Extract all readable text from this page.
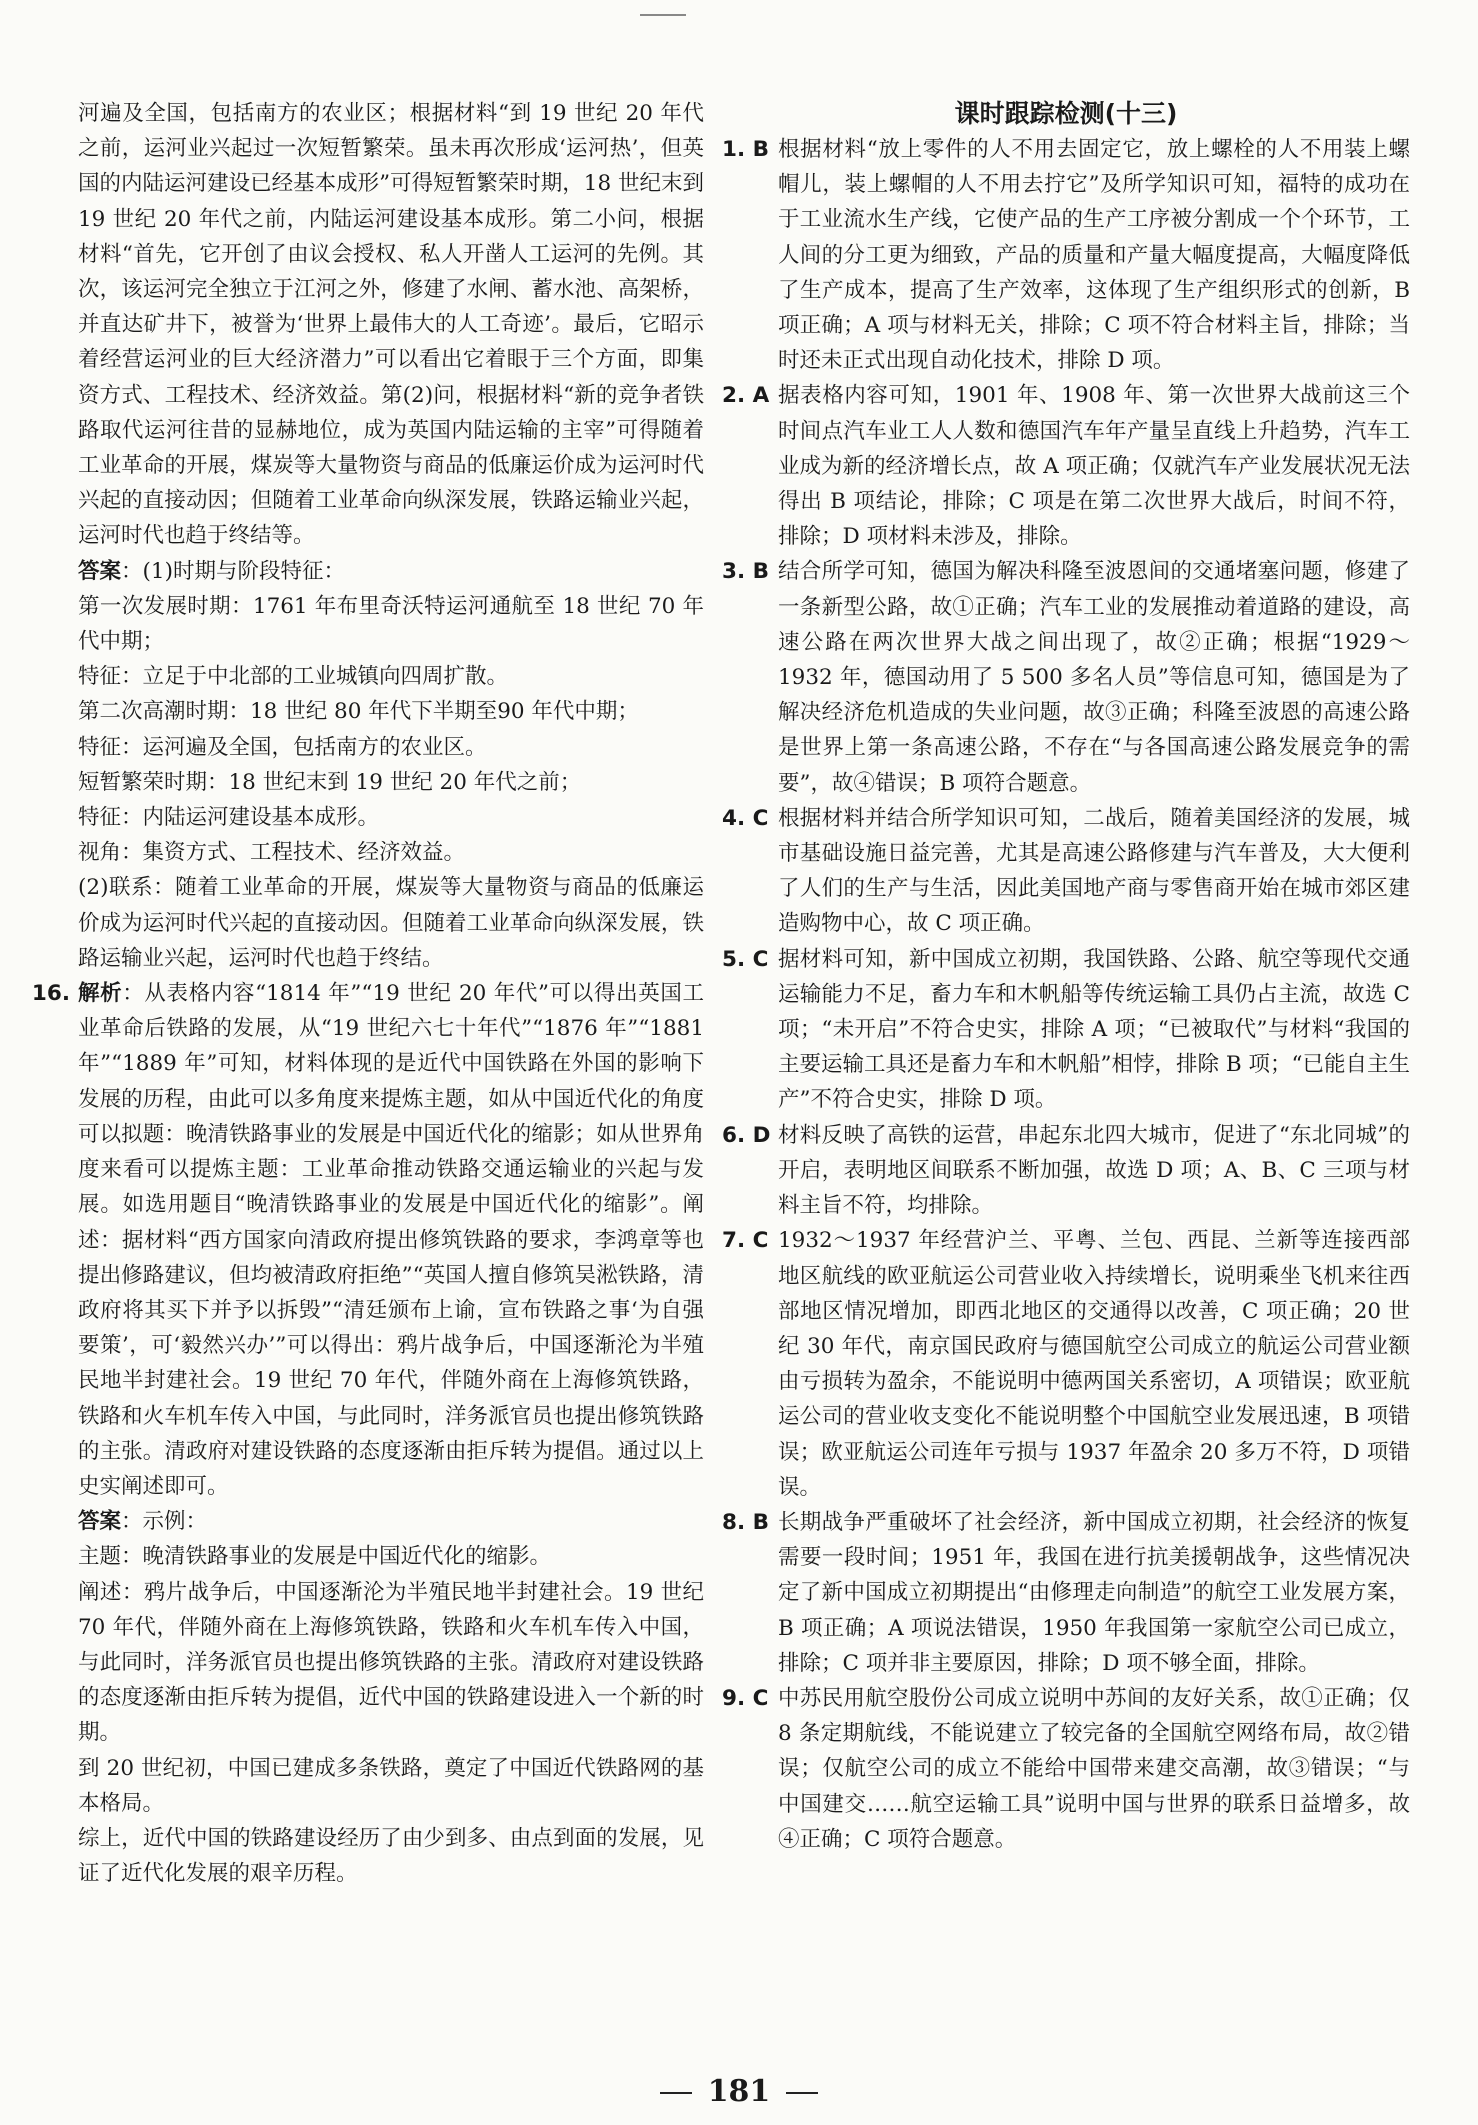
河遍及全国，包括南方的农业区；根据材料“到 19 世纪 20 年代之前，运河业兴起过一次短暂繁荣。虽未再次形成‘运河热’，但英国的内陆运河建设已经基本成形”可得短暂繁荣时期，18 世纪末到 19 世纪 20 年代之前，内陆运河建设基本成形。第二小问，根据材料“首先，它开创了由议会授权、私人开凿人工运河的先例。其次，该运河完全独立于江河之外，修建了水闸、蓄水池、高架桥，并直达矿井下，被誉为‘世界上最伟大的人工奇迹’。最后，它昭示着经营运河业的巨大经济潜力”可以看出它着眼于三个方面，即集资方式、工程技术、经济效益。第(2)问，根据材料“新的竞争者铁路取代运河往昔的显赫地位，成为英国内陆运输的主宰”可得随着工业革命的开展，煤炭等大量物资与商品的低廉运价成为运河时代兴起的直接动因；但随着工业革命向纵深发展，铁路运输业兴起，运河时代也趋于终结等。

答案：(1)时期与阶段特征：

第一次发展时期：1761 年布里奇沃特运河通航至 18 世纪 70 年代中期；

特征：立足于中北部的工业城镇向四周扩散。

第二次高潮时期：18 世纪 80 年代下半期至90 年代中期；

特征：运河遍及全国，包括南方的农业区。

短暂繁荣时期：18 世纪末到 19 世纪 20 年代之前；

特征：内陆运河建设基本成形。

视角：集资方式、工程技术、经济效益。

(2)联系：随着工业革命的开展，煤炭等大量物资与商品的低廉运价成为运河时代兴起的直接动因。但随着工业革命向纵深发展，铁路运输业兴起，运河时代也趋于终结。

16. 解析：从表格内容“1814 年”“19 世纪 20 年代”可以得出英国工业革命后铁路的发展，从“19 世纪六七十年代”“1876 年”“1881 年”“1889 年”可知，材料体现的是近代中国铁路在外国的影响下发展的历程，由此可以多角度来提炼主题，如从中国近代化的角度可以拟题：晚清铁路事业的发展是中国近代化的缩影；如从世界角度来看可以提炼主题：工业革命推动铁路交通运输业的兴起与发展。如选用题目“晚清铁路事业的发展是中国近代化的缩影”。阐述：据材料“西方国家向清政府提出修筑铁路的要求，李鸿章等也提出修路建议，但均被清政府拒绝”“英国人擅自修筑吴淞铁路，清政府将其买下并予以拆毁”“清廷颁布上谕，宣布铁路之事‘为自强要策’，可‘毅然兴办’”可以得出：鸦片战争后，中国逐渐沦为半殖民地半封建社会。19 世纪 70 年代，伴随外商在上海修筑铁路，铁路和火车机车传入中国，与此同时，洋务派官员也提出修筑铁路的主张。清政府对建设铁路的态度逐渐由拒斥转为提倡。通过以上史实阐述即可。

答案：示例：

主题：晚清铁路事业的发展是中国近代化的缩影。

阐述：鸦片战争后，中国逐渐沦为半殖民地半封建社会。19 世纪 70 年代，伴随外商在上海修筑铁路，铁路和火车机车传入中国，与此同时，洋务派官员也提出修筑铁路的主张。清政府对建设铁路的态度逐渐由拒斥转为提倡，近代中国的铁路建设进入一个新的时期。

到 20 世纪初，中国已建成多条铁路，奠定了中国近代铁路网的基本格局。

综上，近代中国的铁路建设经历了由少到多、由点到面的发展，见证了近代化发展的艰辛历程。

课时跟踪检测(十三)

1. B 根据材料“放上零件的人不用去固定它，放上螺栓的人不用装上螺帽儿，装上螺帽的人不用去拧它”及所学知识可知，福特的成功在于工业流水生产线，它使产品的生产工序被分割成一个个环节，工人间的分工更为细致，产品的质量和产量大幅度提高，大幅度降低了生产成本，提高了生产效率，这体现了生产组织形式的创新，B 项正确；A 项与材料无关，排除；C 项不符合材料主旨，排除；当时还未正式出现自动化技术，排除 D 项。
2. A 据表格内容可知，1901 年、1908 年、第一次世界大战前这三个时间点汽车业工人人数和德国汽车年产量呈直线上升趋势，汽车工业成为新的经济增长点，故 A 项正确；仅就汽车产业发展状况无法得出 B 项结论，排除；C 项是在第二次世界大战后，时间不符，排除；D 项材料未涉及，排除。
3. B 结合所学可知，德国为解决科隆至波恩间的交通堵塞问题，修建了一条新型公路，故①正确；汽车工业的发展推动着道路的建设，高速公路在两次世界大战之间出现了，故②正确；根据“1929～1932 年，德国动用了 5 500 多名人员”等信息可知，德国是为了解决经济危机造成的失业问题，故③正确；科隆至波恩的高速公路是世界上第一条高速公路，不存在“与各国高速公路发展竞争的需要”，故④错误；B 项符合题意。
4. C 根据材料并结合所学知识可知，二战后，随着美国经济的发展，城市基础设施日益完善，尤其是高速公路修建与汽车普及，大大便利了人们的生产与生活，因此美国地产商与零售商开始在城市郊区建造购物中心，故 C 项正确。
5. C 据材料可知，新中国成立初期，我国铁路、公路、航空等现代交通运输能力不足，畜力车和木帆船等传统运输工具仍占主流，故选 C 项；“未开启”不符合史实，排除 A 项；“已被取代”与材料“我国的主要运输工具还是畜力车和木帆船”相悖，排除 B 项；“已能自主生产”不符合史实，排除 D 项。
6. D 材料反映了高铁的运营，串起东北四大城市，促进了“东北同城”的开启，表明地区间联系不断加强，故选 D 项；A、B、C 三项与材料主旨不符，均排除。
7. C 1932～1937 年经营沪兰、平粤、兰包、西昆、兰新等连接西部地区航线的欧亚航运公司营业收入持续增长，说明乘坐飞机来往西部地区情况增加，即西北地区的交通得以改善，C 项正确；20 世纪 30 年代，南京国民政府与德国航空公司成立的航运公司营业额由亏损转为盈余，不能说明中德两国关系密切，A 项错误；欧亚航运公司的营业收支变化不能说明整个中国航空业发展迅速，B 项错误；欧亚航运公司连年亏损与 1937 年盈余 20 多万不符，D 项错误。
8. B 长期战争严重破坏了社会经济，新中国成立初期，社会经济的恢复需要一段时间；1951 年，我国在进行抗美援朝战争，这些情况决定了新中国成立初期提出“由修理走向制造”的航空工业发展方案，B 项正确；A 项说法错误，1950 年我国第一家航空公司已成立，排除；C 项并非主要原因，排除；D 项不够全面，排除。
9. C 中苏民用航空股份公司成立说明中苏间的友好关系，故①正确；仅 8 条定期航线，不能说建立了较完备的全国航空网络布局，故②错误；仅航空公司的成立不能给中国带来建交高潮，故③错误；“与中国建交……航空运输工具”说明中国与世界的联系日益增多，故④正确；C 项符合题意。
181
